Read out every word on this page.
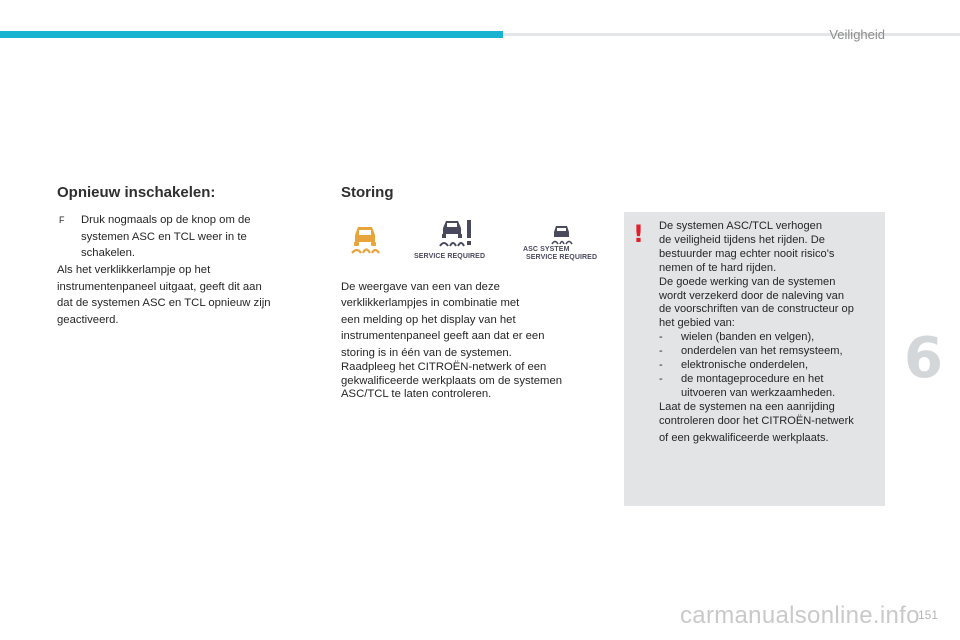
Veiligheid
Opnieuw inschakelen:
F	Druk nogmaals op de knop om de
systemen ASC en TCL weer in te
schakelen.
Als het verklikkerlampje op het
instrumentenpaneel uitgaat, geeft dit aan
dat de systemen ASC en TCL opnieuw zijn
geactiveerd.
Storing
SERVICE REQUIRED
ASC SYSTEM
SERVICE REQUIRED
De weergave van een van deze
verklikkerlampjes in combinatie met
een melding op het display van het
instrumentenpaneel geeft aan dat er een
storing is in één van de systemen.
Raadpleeg het CITROËN-netwerk of een
gekwalificeerde werkplaats om de systemen
ASC/TCL te laten controleren.
! De systemen ASC/TCL verhogen
de veiligheid tijdens het rijden. De
bestuurder mag echter nooit risico's
nemen of te hard rijden.
De goede werking van de systemen
wordt verzekerd door de naleving van
de voorschriften van de constructeur op
het gebied van:
- wielen (banden en velgen),
- onderdelen van het remsysteem,
- elektronische onderdelen,
- de montageprocedure en het
uitvoeren van werkzaamheden.
Laat de systemen na een aanrijding
controleren door het CITROËN-netwerk
of een gekwalificeerde werkplaats.
6
carmanualsonline.info
151
